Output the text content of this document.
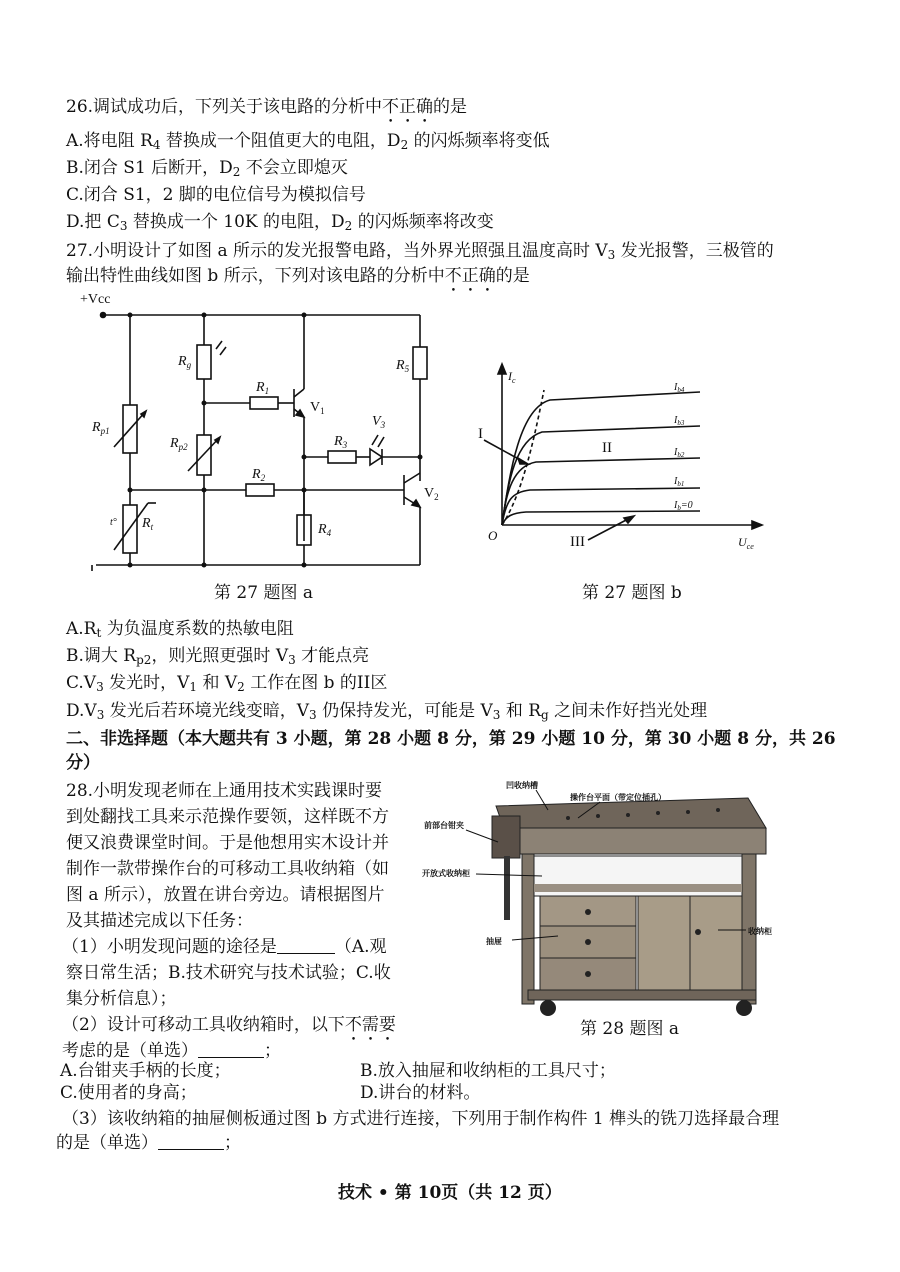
26.调试成功后，下列关于该电路的分析中不正确的是
A.将电阻 $R_4$ 替换成一个阻值更大的电阻，$D_2$ 的闪烁频率将变低
B.闭合 S1 后断开，$D_2$ 不会立即熄灭
C.闭合 S1，2 脚的电位信号为模拟信号
D.把 $C_3$ 替换成一个 10K 的电阻，$D_2$ 的闪烁频率将改变
27.小明设计了如图 a 所示的发光报警电路，当外界光照强且温度高时 $V_3$ 发光报警，三极管的
输出特性曲线如图 b 所示，下列对该电路的分析中不正确的是
+Vcc
$R_g$
$R_1$
$V_1$
$R_5$
$R_{p1}$
$R_{p2}$
$V_3$
$R_3$
$R_2$
$V_2$
t° $R_t$	$R_4$
第 27 题图 a
$I_c$
$U_{ce}$
O
I
II
III
$I_{b4}$
$I_{b3}$
$I_{b2}$
$I_{b1}$
$I_b=0$
第 27 题图 b
$A.R_t$ 为负温度系数的热敏电阻
B.调大 $R_{p2}$，则光照更强时 $V_3$ 才能点亮
$C.V_3$ 发光时，$V_1$ 和 $V_2$ 工作在图 b 的II区
$D.V_3$ 发光后若环境光线变暗，$V_3$ 仍保持发光，可能是 $V_3$ 和 $R_g$ 之间未作好挡光处理
二、非选择题（本大题共有 3 小题，第 28 小题 8 分，第 29 小题 10 分，第 30 小题 8 分，共 26
分）
28.小明发现老师在上通用技术实践课时要
到处翻找工具来示范操作要领，这样既不方
便又浪费课堂时间。于是他想用实木设计并
制作一款带操作台的可移动工具收纳箱（如
图 a 所示），放置在讲台旁边。请根据图片
及其描述完成以下任务：
（1）小明发现问题的途径是	（A.观
察日常生活；B.技术研究与技术试验；C.收
集分析信息）；
（2）设计可移动工具收纳箱时，以下不需要
考虑的是（单选）	；
A.台钳夹手柄的长度；	B.放入抽屉和收纳柜的工具尺寸；
C.使用者的身高；	D.讲台的材料。
（3）该收纳箱的抽屉侧板通过图 b 方式进行连接，下列用于制作构件 1 榫头的铣刀选择最合理
的是（单选）	；
凹收纳槽
操作台平面（带定位插孔）
前部台钳夹
开放式收纳柜
抽屉
收纳柜
第 28 题图 a
技术 • 第 10页（共 12 页）
